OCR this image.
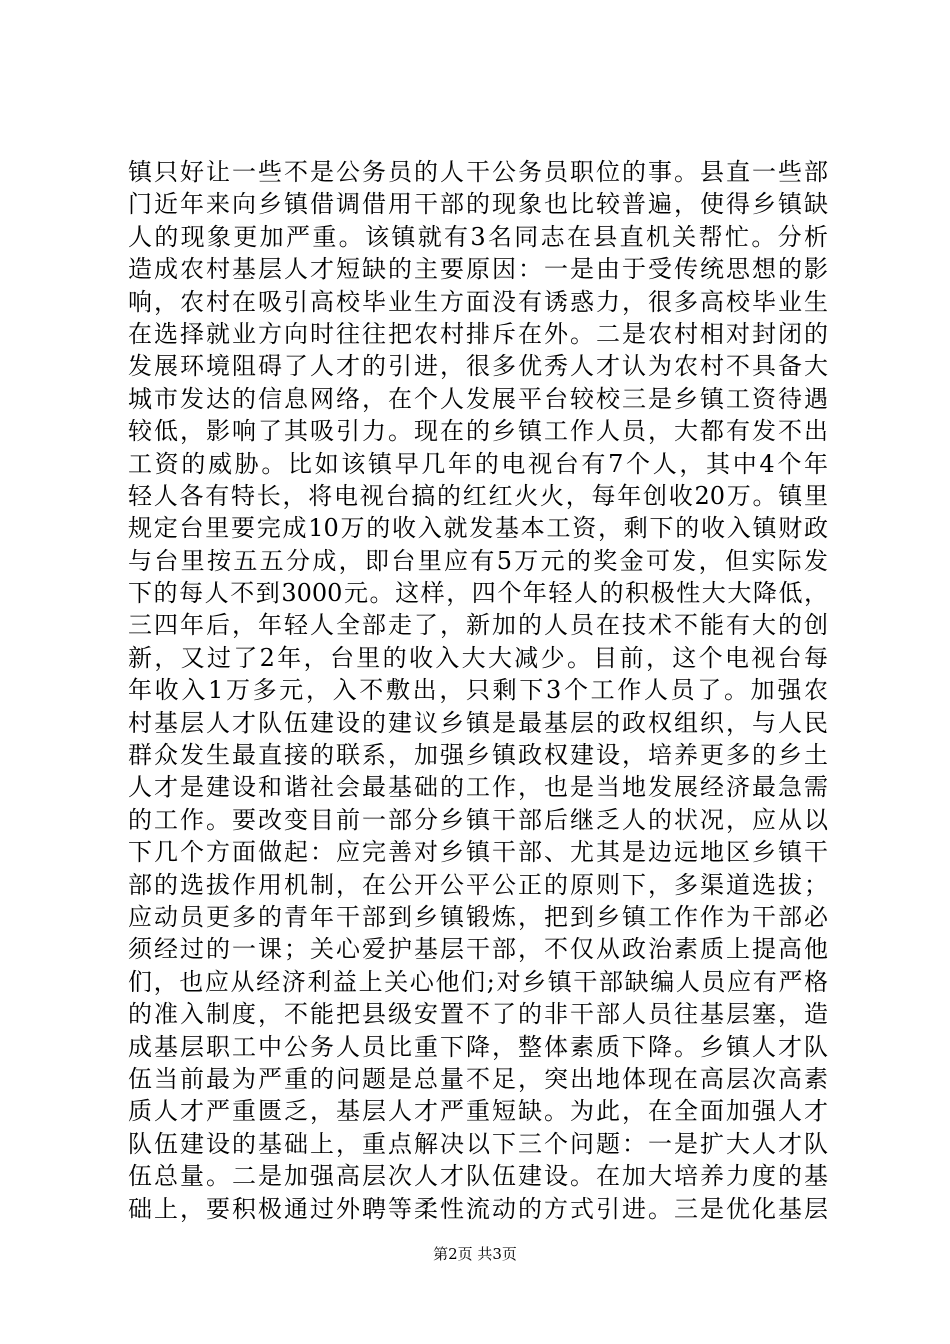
镇只好让一些不是公务员的人干公务员职位的事。县直一些部
门近年来向乡镇借调借用干部的现象也比较普遍，使得乡镇缺
人的现象更加严重。该镇就有3名同志在县直机关帮忙。分析
造成农村基层人才短缺的主要原因：一是由于受传统思想的影
响，农村在吸引高校毕业生方面没有诱惑力，很多高校毕业生
在选择就业方向时往往把农村排斥在外。二是农村相对封闭的
发展环境阻碍了人才的引进，很多优秀人才认为农村不具备大
城市发达的信息网络，在个人发展平台较校三是乡镇工资待遇
较低，影响了其吸引力。现在的乡镇工作人员，大都有发不出
工资的威胁。比如该镇早几年的电视台有7个人，其中4个年
轻人各有特长，将电视台搞的红红火火，每年创收20万。镇里
规定台里要完成10万的收入就发基本工资，剩下的收入镇财政
与台里按五五分成，即台里应有5万元的奖金可发，但实际发
下的每人不到3000元。这样，四个年轻人的积极性大大降低，
三四年后，年轻人全部走了，新加的人员在技术不能有大的创
新，又过了2年，台里的收入大大减少。目前，这个电视台每
年收入1万多元，入不敷出，只剩下3个工作人员了。加强农
村基层人才队伍建设的建议乡镇是最基层的政权组织，与人民
群众发生最直接的联系，加强乡镇政权建设，培养更多的乡土
人才是建设和谐社会最基础的工作，也是当地发展经济最急需
的工作。要改变目前一部分乡镇干部后继乏人的状况，应从以
下几个方面做起：应完善对乡镇干部、尤其是边远地区乡镇干
部的选拔作用机制，在公开公平公正的原则下，多渠道选拔；
应动员更多的青年干部到乡镇锻炼，把到乡镇工作作为干部必
须经过的一课；关心爱护基层干部，不仅从政治素质上提高他
们，也应从经济利益上关心他们;对乡镇干部缺编人员应有严格
的准入制度，不能把县级安置不了的非干部人员往基层塞，造
成基层职工中公务人员比重下降，整体素质下降。乡镇人才队
伍当前最为严重的问题是总量不足，突出地体现在高层次高素
质人才严重匮乏，基层人才严重短缺。为此，在全面加强人才
队伍建设的基础上，重点解决以下三个问题：一是扩大人才队
伍总量。二是加强高层次人才队伍建设。在加大培养力度的基
础上，要积极通过外聘等柔性流动的方式引进。三是优化基层
第2页 共3页
